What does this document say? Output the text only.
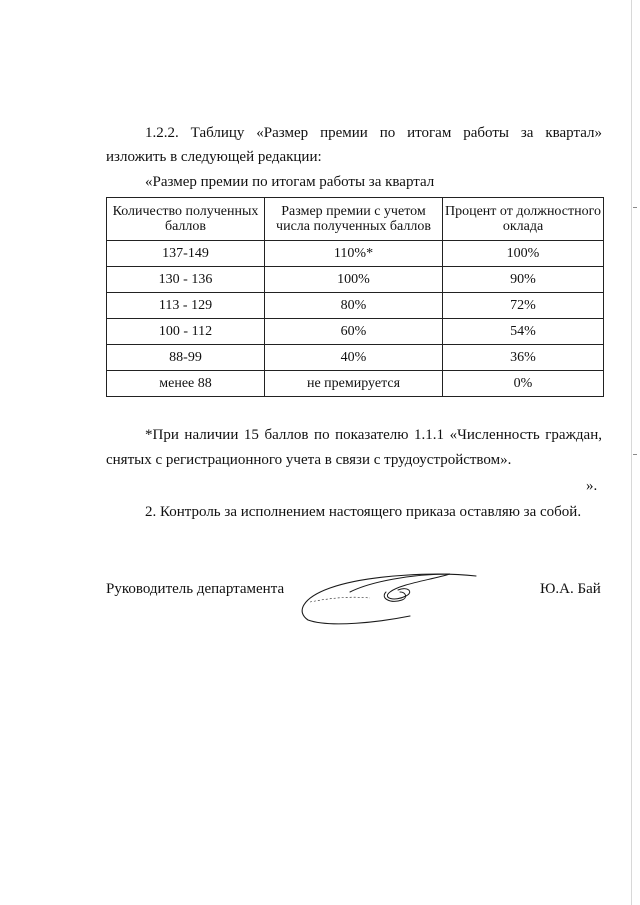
1.2.2. Таблицу «Размер премии по итогам работы за квартал»
изложить в следующей редакции:
«Размер премии по итогам работы за квартал
Количество полученных баллов	Размер премии с учетом числа полученных баллов	Процент от должностного оклада
137-149	110%*	100%
130 - 136	100%	90%
113 - 129	80%	72%
100 - 112	60%	54%
88-99	40%	36%
менее 88	не премируется	0%
*При наличии 15 баллов по показателю 1.1.1 «Численность граждан,
снятых с регистрационного учета в связи с трудоустройством».
».
2. Контроль за исполнением настоящего приказа оставляю за собой.
Руководитель департамента	Ю.А. Бай
